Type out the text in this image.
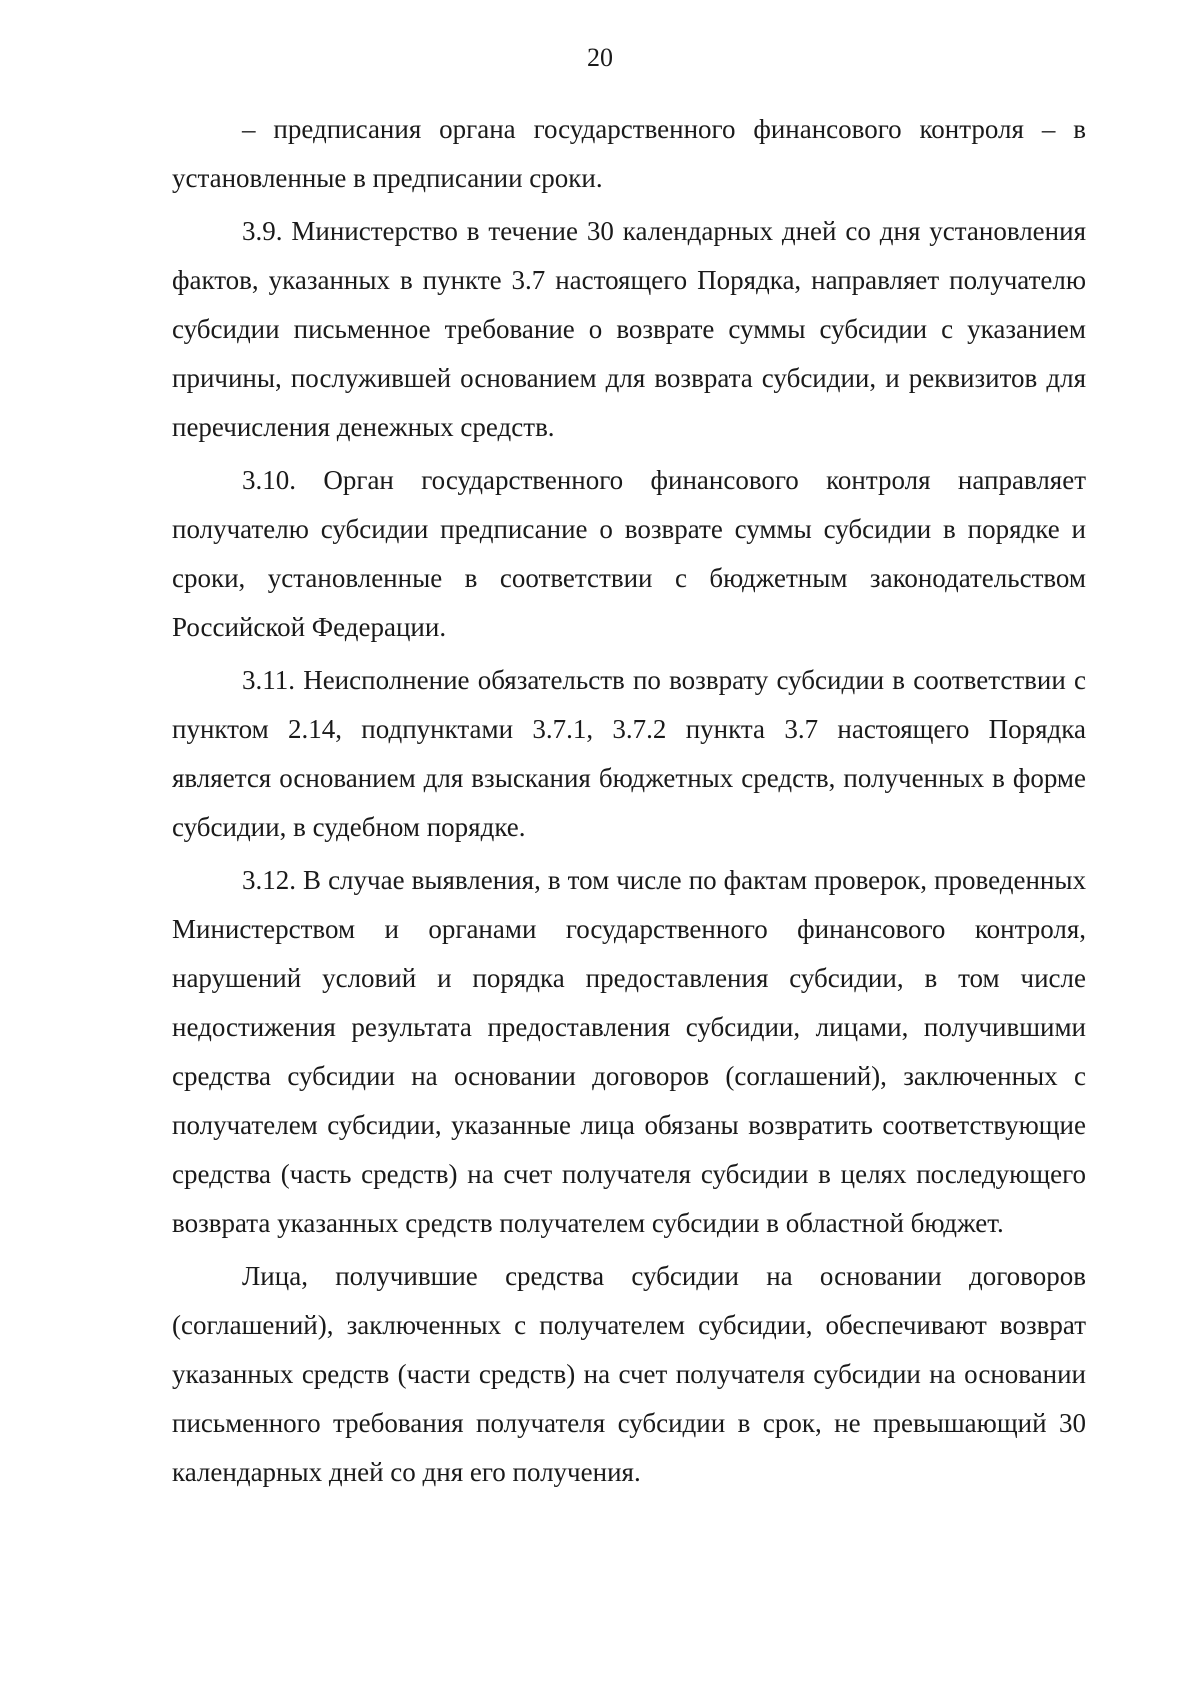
20

– предписания органа государственного финансового контроля – в установленные в предписании сроки.

3.9. Министерство в течение 30 календарных дней со дня установления фактов, указанных в пункте 3.7 настоящего Порядка, направляет получателю субсидии письменное требование о возврате суммы субсидии с указанием причины, послужившей основанием для возврата субсидии, и реквизитов для перечисления денежных средств.

3.10. Орган государственного финансового контроля направляет получателю субсидии предписание о возврате суммы субсидии в порядке и сроки, установленные в соответствии с бюджетным законодательством Российской Федерации.

3.11. Неисполнение обязательств по возврату субсидии в соответствии с пунктом 2.14, подпунктами 3.7.1, 3.7.2 пункта 3.7 настоящего Порядка является основанием для взыскания бюджетных средств, полученных в форме субсидии, в судебном порядке.

3.12. В случае выявления, в том числе по фактам проверок, проведенных Министерством и органами государственного финансового контроля, нарушений условий и порядка предоставления субсидии, в том числе недостижения результата предоставления субсидии, лицами, получившими средства субсидии на основании договоров (соглашений), заключенных с получателем субсидии, указанные лица обязаны возвратить соответствующие средства (часть средств) на счет получателя субсидии в целях последующего возврата указанных средств получателем субсидии в областной бюджет.

Лица, получившие средства субсидии на основании договоров (соглашений), заключенных с получателем субсидии, обеспечивают возврат указанных средств (части средств) на счет получателя субсидии на основании письменного требования получателя субсидии в срок, не превышающий 30 календарных дней со дня его получения.
